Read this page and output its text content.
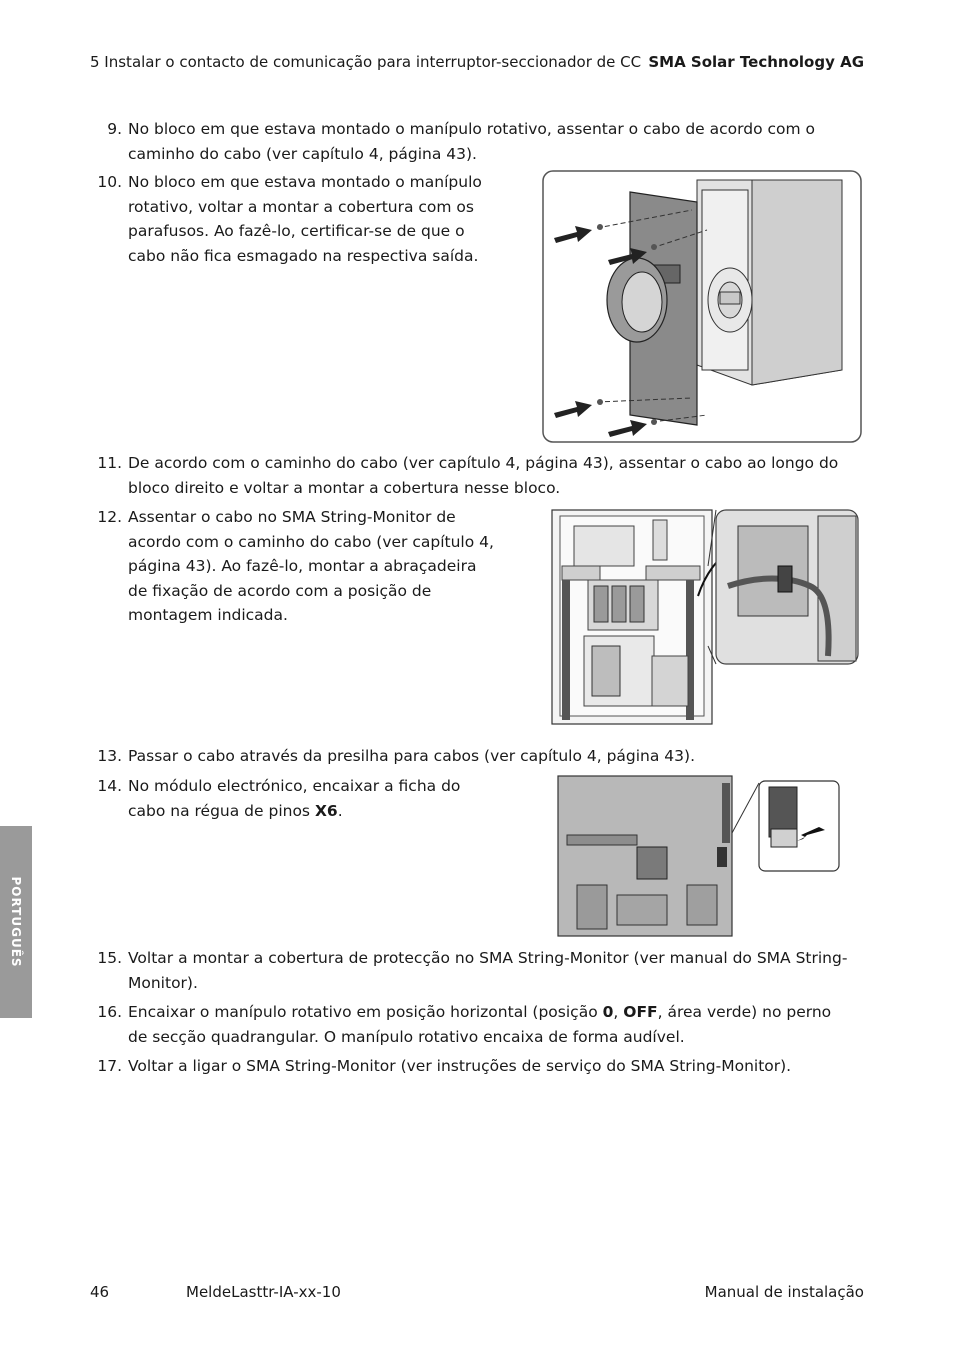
5 Instalar o contacto de comunicação para interruptor-seccionador de CC SMA Solar Technology AG
9. No bloco em que estava montado o manípulo rotativo, assentar o cabo de acordo com o
caminho do cabo (ver capítulo 4, página 43).
10. No bloco em que estava montado o manípulo
rotativo, voltar a montar a cobertura com os
parafusos. Ao fazê-lo, certificar-se de que o
cabo não fica esmagado na respectiva saída.
11. De acordo com o caminho do cabo (ver capítulo 4, página 43), assentar o cabo ao longo do
bloco direito e voltar a montar a cobertura nesse bloco.
12. Assentar o cabo no SMA String-Monitor de
acordo com o caminho do cabo (ver capítulo 4,
página 43). Ao fazê-lo, montar a abraçadeira
de fixação de acordo com a posição de
montagem indicada.
13. Passar o cabo através da presilha para cabos (ver capítulo 4, página 43).
14. No módulo electrónico, encaixar a ficha do
cabo na régua de pinos X6.
15. Voltar a montar a cobertura de protecção no SMA String-Monitor (ver manual do SMA String-
Monitor).
16. Encaixar o manípulo rotativo em posição horizontal (posição 0, OFF, área verde) no perno
de secção quadrangular. O manípulo rotativo encaixa de forma audível.
17. Voltar a ligar o SMA String-Monitor (ver instruções de serviço do SMA String-Monitor).
PORTUGUÊS
46	MeldeLasttr-IA-xx-10	Manual de instalação
